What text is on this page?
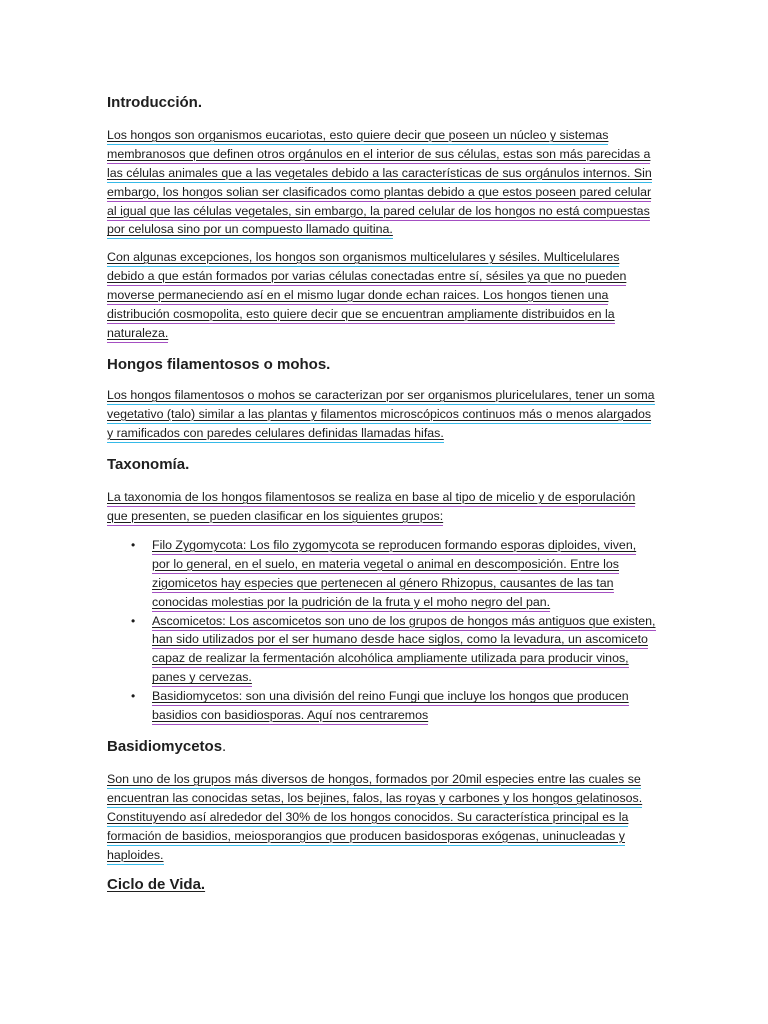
Introducción.
Los hongos son organismos eucariotas, esto quiere decir que poseen un núcleo y sistemas
membranosos que definen otros orgánulos en el interior de sus células, estas son más parecidas a
las células animales que a las vegetales debido a las características de sus orgánulos internos. Sin
embargo, los hongos solian ser clasificados como plantas debido a que estos poseen pared celular
al igual que las células vegetales, sin embargo, la pared celular de los hongos no está compuestas
por celulosa sino por un compuesto llamado quitina.
Con algunas excepciones, los hongos son organismos multicelulares y sésiles. Multicelulares
debido a que están formados por varias células conectadas entre sí, sésiles ya que no pueden
moverse permaneciendo así en el mismo lugar donde echan raices. Los hongos tienen una
distribución cosmopolita, esto quiere decir que se encuentran ampliamente distribuidos en la
naturaleza.
Hongos filamentosos o mohos.
Los hongos filamentosos o mohos se caracterizan por ser organismos pluricelulares, tener un soma
vegetativo (talo) similar a las plantas y filamentos microscópicos continuos más o menos alargados
y ramificados con paredes celulares definidas llamadas hifas.
Taxonomía.
La taxonomia de los hongos filamentosos se realiza en base al tipo de micelio y de esporulación
que presenten, se pueden clasificar en los siguientes grupos:
• Filo Zygomycota: Los filo zygomycota se reproducen formando esporas diploides, viven,
por lo general, en el suelo, en materia vegetal o animal en descomposición. Entre los
zigomicetos hay especies que pertenecen al género Rhizopus, causantes de las tan
conocidas molestias por la pudrición de la fruta y el moho negro del pan.
• Ascomicetos: Los ascomicetos son uno de los grupos de hongos más antiguos que existen,
han sido utilizados por el ser humano desde hace siglos, como la levadura, un ascomiceto
capaz de realizar la fermentación alcohólica ampliamente utilizada para producir vinos,
panes y cervezas.
• Basidiomycetos: son una división del reino Fungi que incluye los hongos que producen
basidios con basidiosporas. Aquí nos centraremos
Basidiomycetos.
Son uno de los grupos más diversos de hongos, formados por 20mil especies entre las cuales se
encuentran las conocidas setas, los bejines, falos, las royas y carbones y los hongos gelatinosos.
Constituyendo así alrededor del 30% de los hongos conocidos. Su característica principal es la
formación de basidios, meiosporangios que producen basidosporas exógenas, uninucleadas y
haploides.
Ciclo de Vida.
